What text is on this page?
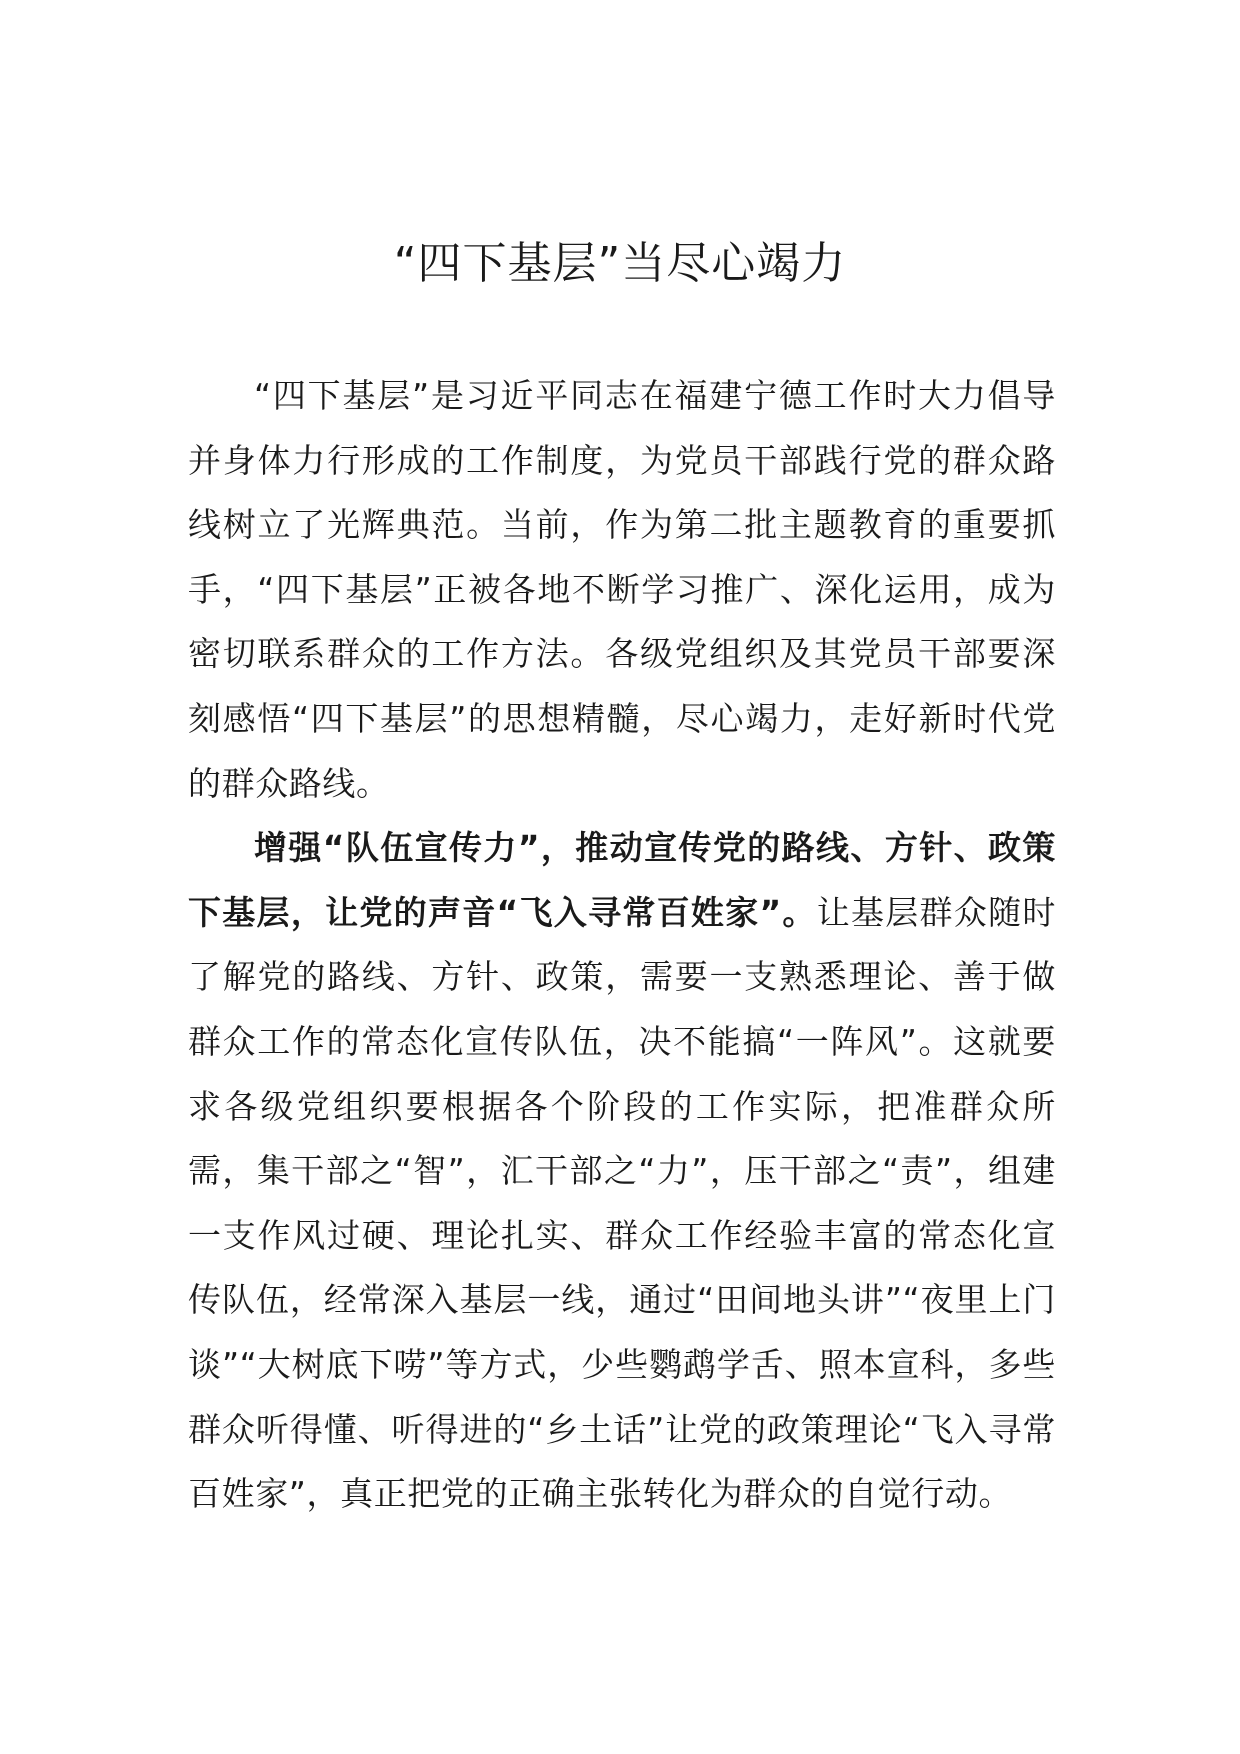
“四下基层”当尽心竭力

“四下基层”是习近平同志在福建宁德工作时大力倡导并身体力行形成的工作制度，为党员干部践行党的群众路线树立了光辉典范。当前，作为第二批主题教育的重要抓手，“四下基层”正被各地不断学习推广、深化运用，成为密切联系群众的工作方法。各级党组织及其党员干部要深刻感悟“四下基层”的思想精髓，尽心竭力，走好新时代党的群众路线。

增强“队伍宣传力”，推动宣传党的路线、方针、政策下基层，让党的声音“飞入寻常百姓家”。让基层群众随时了解党的路线、方针、政策，需要一支熟悉理论、善于做群众工作的常态化宣传队伍，决不能搞“一阵风”。这就要求各级党组织要根据各个阶段的工作实际，把准群众所需，集干部之“智”，汇干部之“力”，压干部之“责”，组建一支作风过硬、理论扎实、群众工作经验丰富的常态化宣传队伍，经常深入基层一线，通过“田间地头讲”“夜里上门谈”“大树底下唠”等方式，少些鹦鹉学舌、照本宣科，多些群众听得懂、听得进的“乡土话”让党的政策理论“飞入寻常百姓家”，真正把党的正确主张转化为群众的自觉行动。
